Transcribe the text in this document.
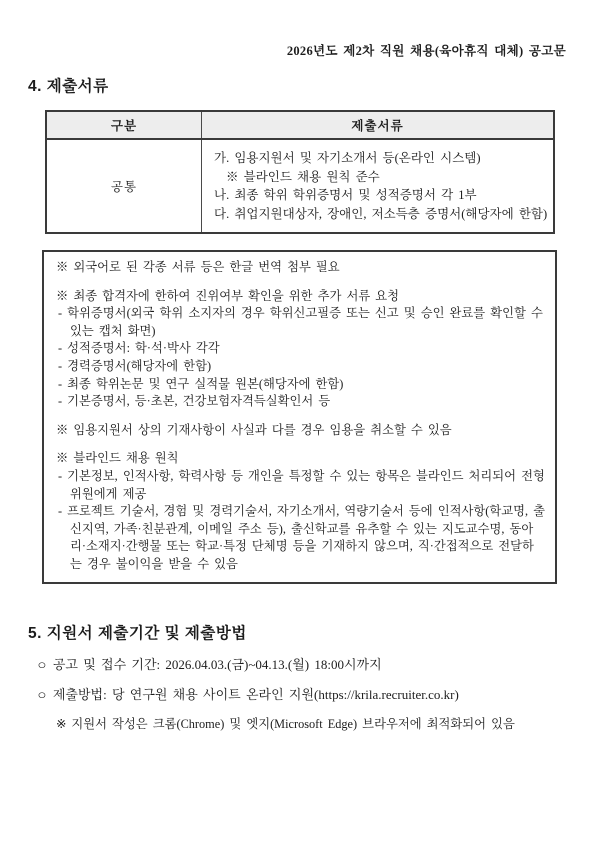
2026년도 제2차 직원 채용(육아휴직 대체) 공고문
4. 제출서류
구분	제출서류
공통	가. 임용지원서 및 자기소개서 등(온라인 시스템)
※ 블라인드 채용 원칙 준수
나. 최종 학위 학위증명서 및 성적증명서 각 1부
다. 취업지원대상자, 장애인, 저소득층 증명서(해당자에 한함)

※ 외국어로 된 각종 서류 등은 한글 번역 첨부 필요

※ 최종 합격자에 한하여 진위여부 확인을 위한 추가 서류 요청

- 학위증명서(외국 학위 소지자의 경우 학위신고필증 또는 신고 및 승인 완료를 확인할 수 있는 캡처 화면)

- 성적증명서: 학·석·박사 각각

- 경력증명서(해당자에 한함)

- 최종 학위논문 및 연구 실적물 원본(해당자에 한함)

- 기본증명서, 등·초본, 건강보험자격득실확인서 등

※ 임용지원서 상의 기재사항이 사실과 다를 경우 임용을 취소할 수 있음

※ 블라인드 채용 원칙

- 기본정보, 인적사항, 학력사항 등 개인을 특정할 수 있는 항목은 블라인드 처리되어 전형위원에게 제공

- 프로젝트 기술서, 경험 및 경력기술서, 자기소개서, 역량기술서 등에 인적사항(학교명, 출신지역, 가족·친분관계, 이메일 주소 등), 출신학교를 유추할 수 있는 지도교수명, 동아리·소재지·간행물 또는 학교·특정 단체명 등을 기재하지 않으며, 직·간접적으로 전달하는 경우 불이익을 받을 수 있음

5. 지원서 제출기간 및 제출방법
○ 공고 및 접수 기간: 2026.04.03.(금)~04.13.(월) 18:00시까지
○ 제출방법: 당 연구원 채용 사이트 온라인 지원(https://krila.recruiter.co.kr)
※ 지원서 작성은 크롬(Chrome) 및 엣지(Microsoft Edge) 브라우저에 최적화되어 있음
